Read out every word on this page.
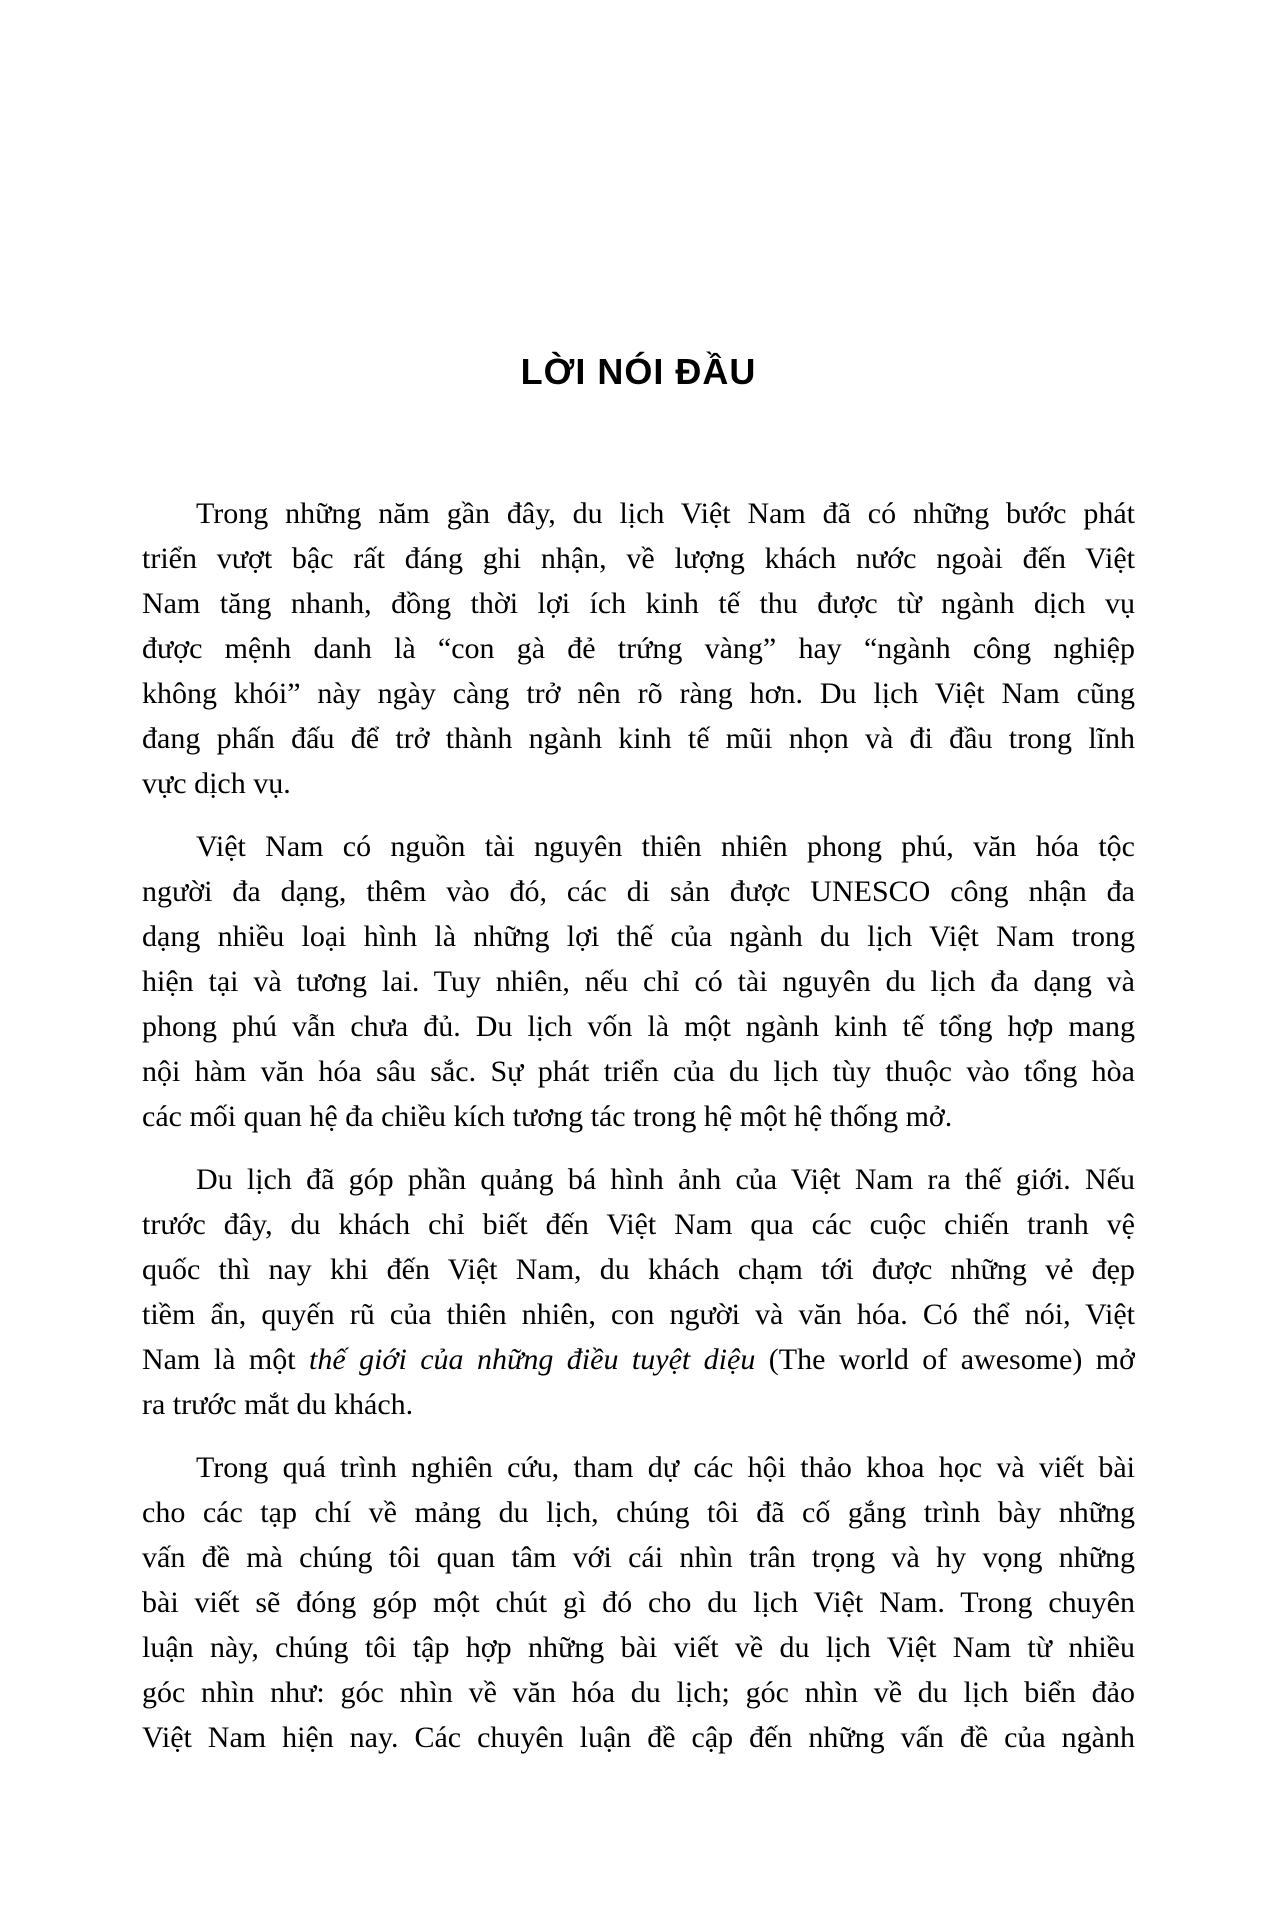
LỜI NÓI ĐẦU
Trong những năm gần đây, du lịch Việt Nam đã có những bước phát
triển vượt bậc rất đáng ghi nhận, về lượng khách nước ngoài đến Việt
Nam tăng nhanh, đồng thời lợi ích kinh tế thu được từ ngành dịch vụ
được mệnh danh là “con gà đẻ trứng vàng” hay “ngành công nghiệp
không khói” này ngày càng trở nên rõ ràng hơn. Du lịch Việt Nam cũng
đang phấn đấu để trở thành ngành kinh tế mũi nhọn và đi đầu trong lĩnh
vực dịch vụ.
Việt Nam có nguồn tài nguyên thiên nhiên phong phú, văn hóa tộc
người đa dạng, thêm vào đó, các di sản được UNESCO công nhận đa
dạng nhiều loại hình là những lợi thế của ngành du lịch Việt Nam trong
hiện tại và tương lai. Tuy nhiên, nếu chỉ có tài nguyên du lịch đa dạng và
phong phú vẫn chưa đủ. Du lịch vốn là một ngành kinh tế tổng hợp mang
nội hàm văn hóa sâu sắc. Sự phát triển của du lịch tùy thuộc vào tổng hòa
các mối quan hệ đa chiều kích tương tác trong hệ một hệ thống mở.
Du lịch đã góp phần quảng bá hình ảnh của Việt Nam ra thế giới. Nếu
trước đây, du khách chỉ biết đến Việt Nam qua các cuộc chiến tranh vệ
quốc thì nay khi đến Việt Nam, du khách chạm tới được những vẻ đẹp
tiềm ẩn, quyến rũ của thiên nhiên, con người và văn hóa. Có thể nói, Việt
Nam là một thế giới của những điều tuyệt diệu (The world of awesome) mở
ra trước mắt du khách.
Trong quá trình nghiên cứu, tham dự các hội thảo khoa học và viết bài
cho các tạp chí về mảng du lịch, chúng tôi đã cố gắng trình bày những
vấn đề mà chúng tôi quan tâm với cái nhìn trân trọng và hy vọng những
bài viết sẽ đóng góp một chút gì đó cho du lịch Việt Nam. Trong chuyên
luận này, chúng tôi tập hợp những bài viết về du lịch Việt Nam từ nhiều
góc nhìn như: góc nhìn về văn hóa du lịch; góc nhìn về du lịch biển đảo
Việt Nam hiện nay. Các chuyên luận đề cập đến những vấn đề của ngành
